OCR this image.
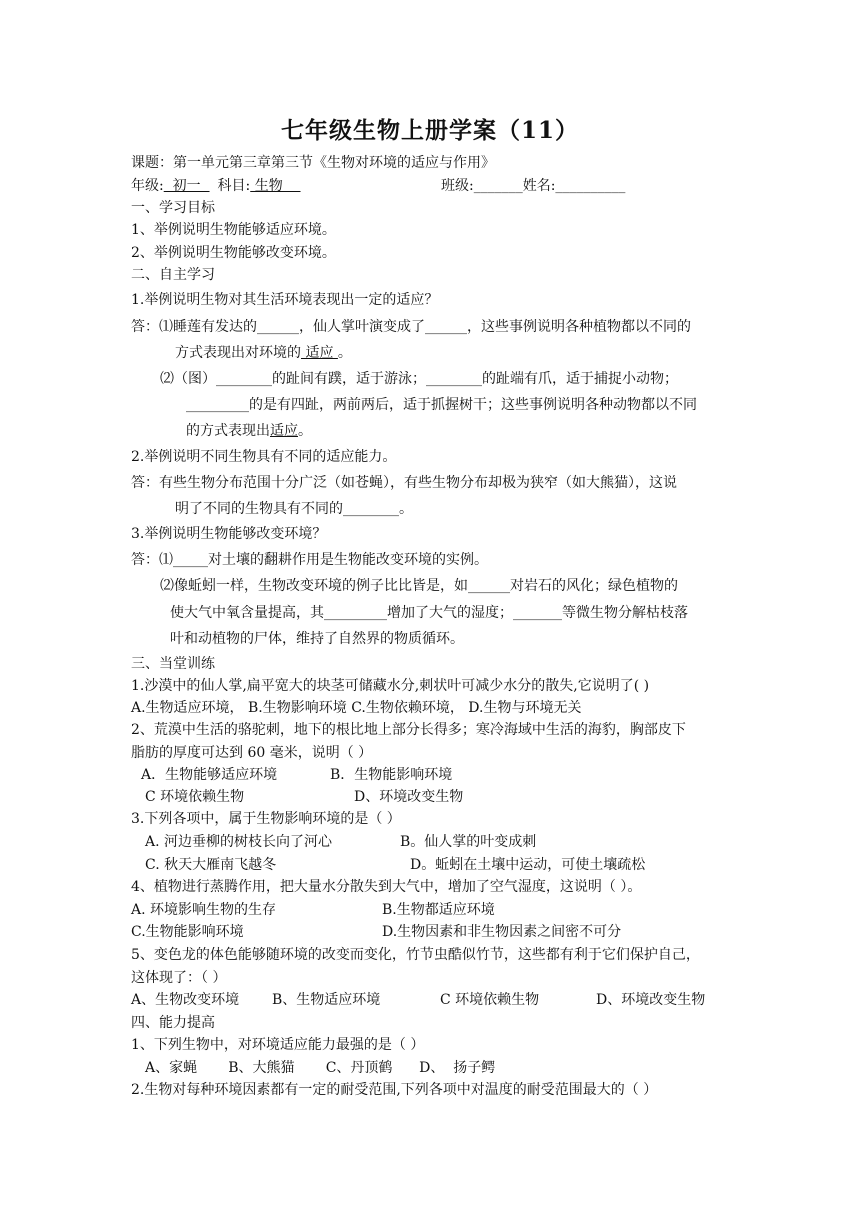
七年级生物上册学案（11）
课题：第一单元第三章第三节《生物对环境的适应与作用》
年级:  初一  科目: 生物	班级:_______姓名:__________
一、学习目标
1、举例说明生物能够适应环境。
2、举例说明生物能够改变环境。
二、自主学习
1.举例说明生物对其生活环境表现出一定的适应？
答：⑴睡莲有发达的______，仙人掌叶演变成了______，这些事例说明各种植物都以不同的
方式表现出对环境的 适应 。
⑵（图）________的趾间有蹼，适于游泳；________的趾端有爪，适于捕捉小动物；
_________的是有四趾，两前两后，适于抓握树干；这些事例说明各种动物都以不同
的方式表现出适应。
2.举例说明不同生物具有不同的适应能力。
答：有些生物分布范围十分广泛（如苍蝇），有些生物分布却极为狭窄（如大熊猫），这说
明了不同的生物具有不同的________。
3.举例说明生物能够改变环境？
答：⑴_____对土壤的翻耕作用是生物能改变环境的实例。
⑵像蚯蚓一样，生物改变环境的例子比比皆是，如______对岩石的风化；绿色植物的
使大气中氧含量提高，其_________增加了大气的湿度；_______等微生物分解枯枝落
叶和动植物的尸体，维持了自然界的物质循环。
三、当堂训练
1.沙漠中的仙人掌,扁平宽大的块茎可储藏水分,刺状叶可减少水分的散失,它说明了( )
A.生物适应环境， B.生物影响环境 C.生物依赖环境， D.生物与环境无关
2、荒漠中生活的骆驼刺，地下的根比地上部分长得多；寒冷海域中生活的海豹，胸部皮下
脂肪的厚度可达到 60 毫米，说明（ ）
A．生物能够适应环境	B．生物能影响环境
C 环境依赖生物	D、环境改变生物
3.下列各项中，属于生物影响环境的是（ ）
A. 河边垂柳的树枝长向了河心	B。仙人掌的叶变成刺
C. 秋天大雁南飞越冬	D。蚯蚓在土壤中运动，可使土壤疏松
4、植物进行蒸腾作用，把大量水分散失到大气中，增加了空气湿度，这说明（ ）。
A. 环境影响生物的生存	B.生物都适应环境
C.生物能影响环境	D.生物因素和非生物因素之间密不可分
5、变色龙的体色能够随环境的改变而变化，竹节虫酷似竹节，这些都有利于它们保护自己，
这体现了：（ ）
A、生物改变环境 B、生物适应环境	C 环境依赖生物	D、环境改变生物
四、能力提高
1、下列生物中，对环境适应能力最强的是（ ）
A、家蝇       B、大熊猫       C、丹顶鹤      D、  扬子鳄
2.生物对每种环境因素都有一定的耐受范围,下列各项中对温度的耐受范围最大的（ ）
